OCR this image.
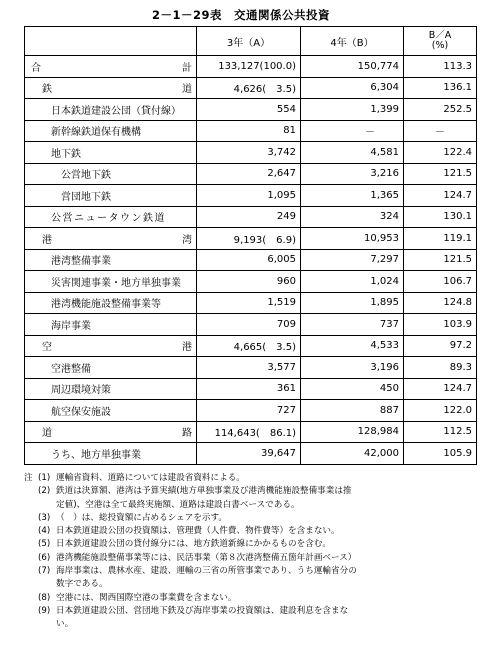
2－1－29表　交通関係公共投資
	3年（A）	4年（B）	B／A
(%)

合 計	133,127(100.0)	150,774	113.3

鉄 道	4,626(　3.5)	6,304	136.1
日本鉄道建設公団（貸付線）	554	1,399	252.5
新幹線鉄道保有機構	81	－	－
地下鉄	3,742	4,581	122.4
公営地下鉄	2,647	3,216	121.5
営団地下鉄	1,095	1,365	124.7
公営ニュータウン鉄道	249	324	130.1

港 湾	9,193(　6.9)	10,953	119.1
港湾整備事業	6,005	7,297	121.5
災害関連事業・地方単独事業	960	1,024	106.7
港湾機能施設整備事業等	1,519	1,895	124.8
海岸事業	709	737	103.9

空 港	4,665(　3.5)	4,533	97.2
空港整備	3,577	3,196	89.3
周辺環境対策	361	450	124.7
航空保安施設	727	887	122.0

道 路	114,643(　86.1)	128,984	112.5
うち、地方単独事業	39,647	42,000	105.9
注 (1) 運輸省資料、道路については建設省資料による。
(2) 鉄道は決算額、港湾は予算実績(地方単独事業及び港湾機能施設整備事業は推
定値)、空港は全て最終実施額、道路は建設白書ベースである。
(3) （　）は、総投資額に占めるシェアを示す。
(4) 日本鉄道建設公団の投資額は、管理費（人件費、物件費等）を含まない。
(5) 日本鉄道建設公団の貸付線分には、地方鉄道新線にかかるものを含む。
(6) 港湾機能施設整備事業等には、民活事業（第８次港湾整備五箇年計画ベース）
(7) 海岸事業は、農林水産、建設、運輸の三省の所管事業であり、うち運輸省分の
数字である。
(8) 空港には、関西国際空港の事業費を含まない。
(9) 日本鉄道建設公団、営団地下鉄及び海岸事業の投資額は、建設利息を含まな
い。
